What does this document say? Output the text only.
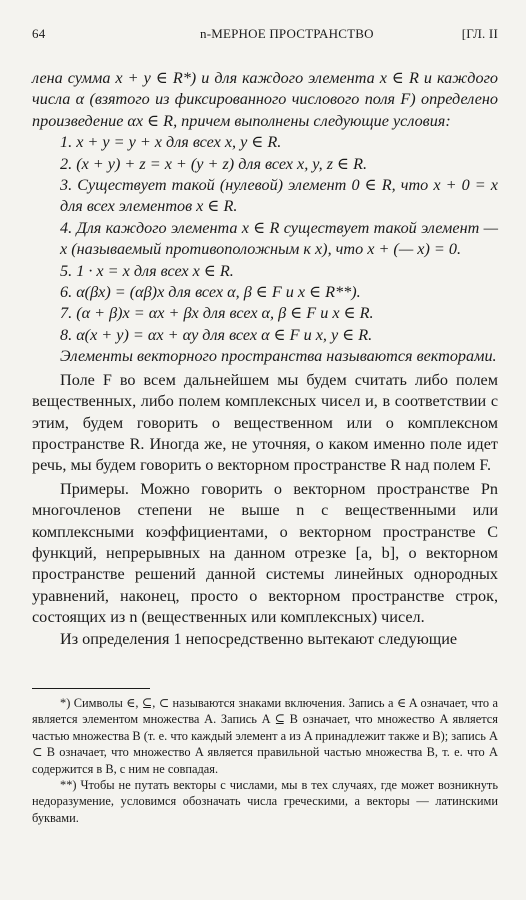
64	n-МЕРНОЕ ПРОСТРАНСТВО	[ГЛ. II

лена сумма x + y ∈ R*) и для каждого элемента x ∈ R и каждого числа α (взятого из фиксированного числового поля F) определено произведение αx ∈ R, причем выполнены следующие условия:

1. x + y = y + x для всех x, y ∈ R.

2. (x + y) + z = x + (y + z) для всех x, y, z ∈ R.

3. Существует такой (нулевой) элемент 0 ∈ R, что x + 0 = x для всех элементов x ∈ R.

4. Для каждого элемента x ∈ R существует такой элемент — x (называемый противоположным к x), что x + (— x) = 0.

5. 1 · x = x для всех x ∈ R.

6. α(βx) = (αβ)x для всех α, β ∈ F и x ∈ R**).

7. (α + β)x = αx + βx для всех α, β ∈ F и x ∈ R.

8. α(x + y) = αx + αy для всех α ∈ F и x, y ∈ R.

Элементы векторного пространства называются векторами.

Поле F во всем дальнейшем мы будем считать либо полем вещественных, либо полем комплексных чисел и, в соответствии с этим, будем говорить о вещественном или о комплексном пространстве R. Иногда же, не уточняя, о каком именно поле идет речь, мы будем говорить о векторном пространстве R над полем F.

Примеры. Можно говорить о векторном пространстве Pn многочленов степени не выше n с вещественными или комплексными коэффициентами, о векторном пространстве C функций, непрерывных на данном отрезке [a, b], о векторном пространстве решений данной системы линейных однородных уравнений, наконец, просто о векторном пространстве строк, состоящих из n (вещественных или комплексных) чисел.

Из определения 1 непосредственно вытекают следующие

*) Символы ∈, ⊆, ⊂ называются знаками включения. Запись a ∈ A означает, что a является элементом множества A. Запись A ⊆ B означает, что множество A является частью множества B (т. е. что каждый элемент a из A принадлежит также и B); запись A ⊂ B означает, что множество A является правильной частью множества B, т. е. что A содержится в B, с ним не совпадая.

**) Чтобы не путать векторы с числами, мы в тех случаях, где может возникнуть недоразумение, условимся обозначать числа греческими, а векторы — латинскими буквами.
